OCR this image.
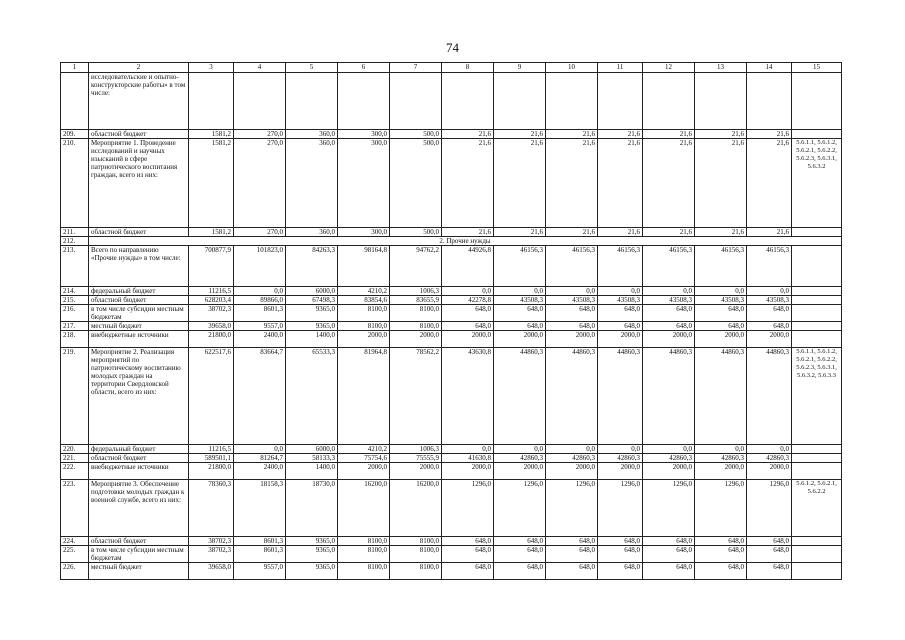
74
1	2	3	4	5	6	7	8	9	10	11	12	13	14	15
	исследовательские и опытно-конструкторские работы» в том числе:													
209.	областной бюджет	1581,2	270,0	360,0	300,0	500,0	21,6	21,6	21,6	21,6	21,6	21,6	21,6	
210.	Мероприятие 1. Проведение исследований и научных изысканий в сфере патриотического воспитания граждан, всего из них:	1581,2	270,0	360,0	300,0	500,0	21,6	21,6	21,6	21,6	21,6	21,6	21,6	5.6.1.1, 5.6.1.2, 5.6.2.1, 5.6.2.2, 5.6.2.3, 5.6.3.1, 5.6.3.2
211.	областной бюджет	1581,2	270,0	360,0	300,0	500,0	21,6	21,6	21,6	21,6	21,6	21,6	21,6	
212.	2. Прочие нужды													
213.	Всего по направлению «Прочие нужды» в том числе:	700877,9	101823,0	84263,3	98164,8	94762,2	44926,8	46156,3	46156,3	46156,3	46156,3	46156,3	46156,3	
214.	федеральный бюджет	11216,5	0,0	6000,0	4210,2	1006,3	0,0	0,0	0,0	0,0	0,0	0,0	0,0	
215.	областной бюджет	628203,4	89866,0	67498,3	83854,6	83655,9	42278,8	43508,3	43508,3	43508,3	43508,3	43508,3	43508,3	
216.	в том числе субсидии местным бюджетам	38702,3	8601,3	9365,0	8100,0	8100,0	648,0	648,0	648,0	648,0	648,0	648,0	648,0	
217.	местный бюджет	39658,0	9557,0	9365,0	8100,0	8100,0	648,0	648,0	648,0	648,0	648,0	648,0	648,0	
218.	внебюджетные источники	21800,0	2400,0	1400,0	2000,0	2000,0	2000,0	2000,0	2000,0	2000,0	2000,0	2000,0	2000,0	
219.	Мероприятие 2. Реализация мероприятий по патриотическому воспитанию молодых граждан на территории Свердловской области, всего из них:	622517,6	83664,7	65533,3	81964,8	78562,2	43630,8	44860,3	44860,3	44860,3	44860,3	44860,3	44860,3	5.6.1.1, 5.6.1.2, 5.6.2.1, 5.6.2.2, 5.6.2.3, 5.6.3.1, 5.6.3.2, 5.6.3.3
220.	федеральный бюджет	11216,5	0,0	6000,0	4210,2	1006,3	0,0	0,0	0,0	0,0	0,0	0,0	0,0	
221.	областной бюджет	589501,1	81264,7	58133,3	75754,6	75555,9	41630,8	42860,3	42860,3	42860,3	42860,3	42860,3	42860,3	
222.	внебюджетные источники	21800,0	2400,0	1400,0	2000,0	2000,0	2000,0	2000,0	2000,0	2000,0	2000,0	2000,0	2000,0	
223.	Мероприятие 3. Обеспечение подготовки молодых граждан к военной службе, всего из них:	78360,3	18158,3	18730,0	16200,0	16200,0	1296,0	1296,0	1296,0	1296,0	1296,0	1296,0	1296,0	5.6.1.2, 5.6.2.1, 5.6.2.2
224.	областной бюджет	38702,3	8601,3	9365,0	8100,0	8100,0	648,0	648,0	648,0	648,0	648,0	648,0	648,0	
225.	в том числе субсидии местным бюджетам	38702,3	8601,3	9365,0	8100,0	8100,0	648,0	648,0	648,0	648,0	648,0	648,0	648,0	
226.	местный бюджет	39658,0	9557,0	9365,0	8100,0	8100,0	648,0	648,0	648,0	648,0	648,0	648,0	648,0	
